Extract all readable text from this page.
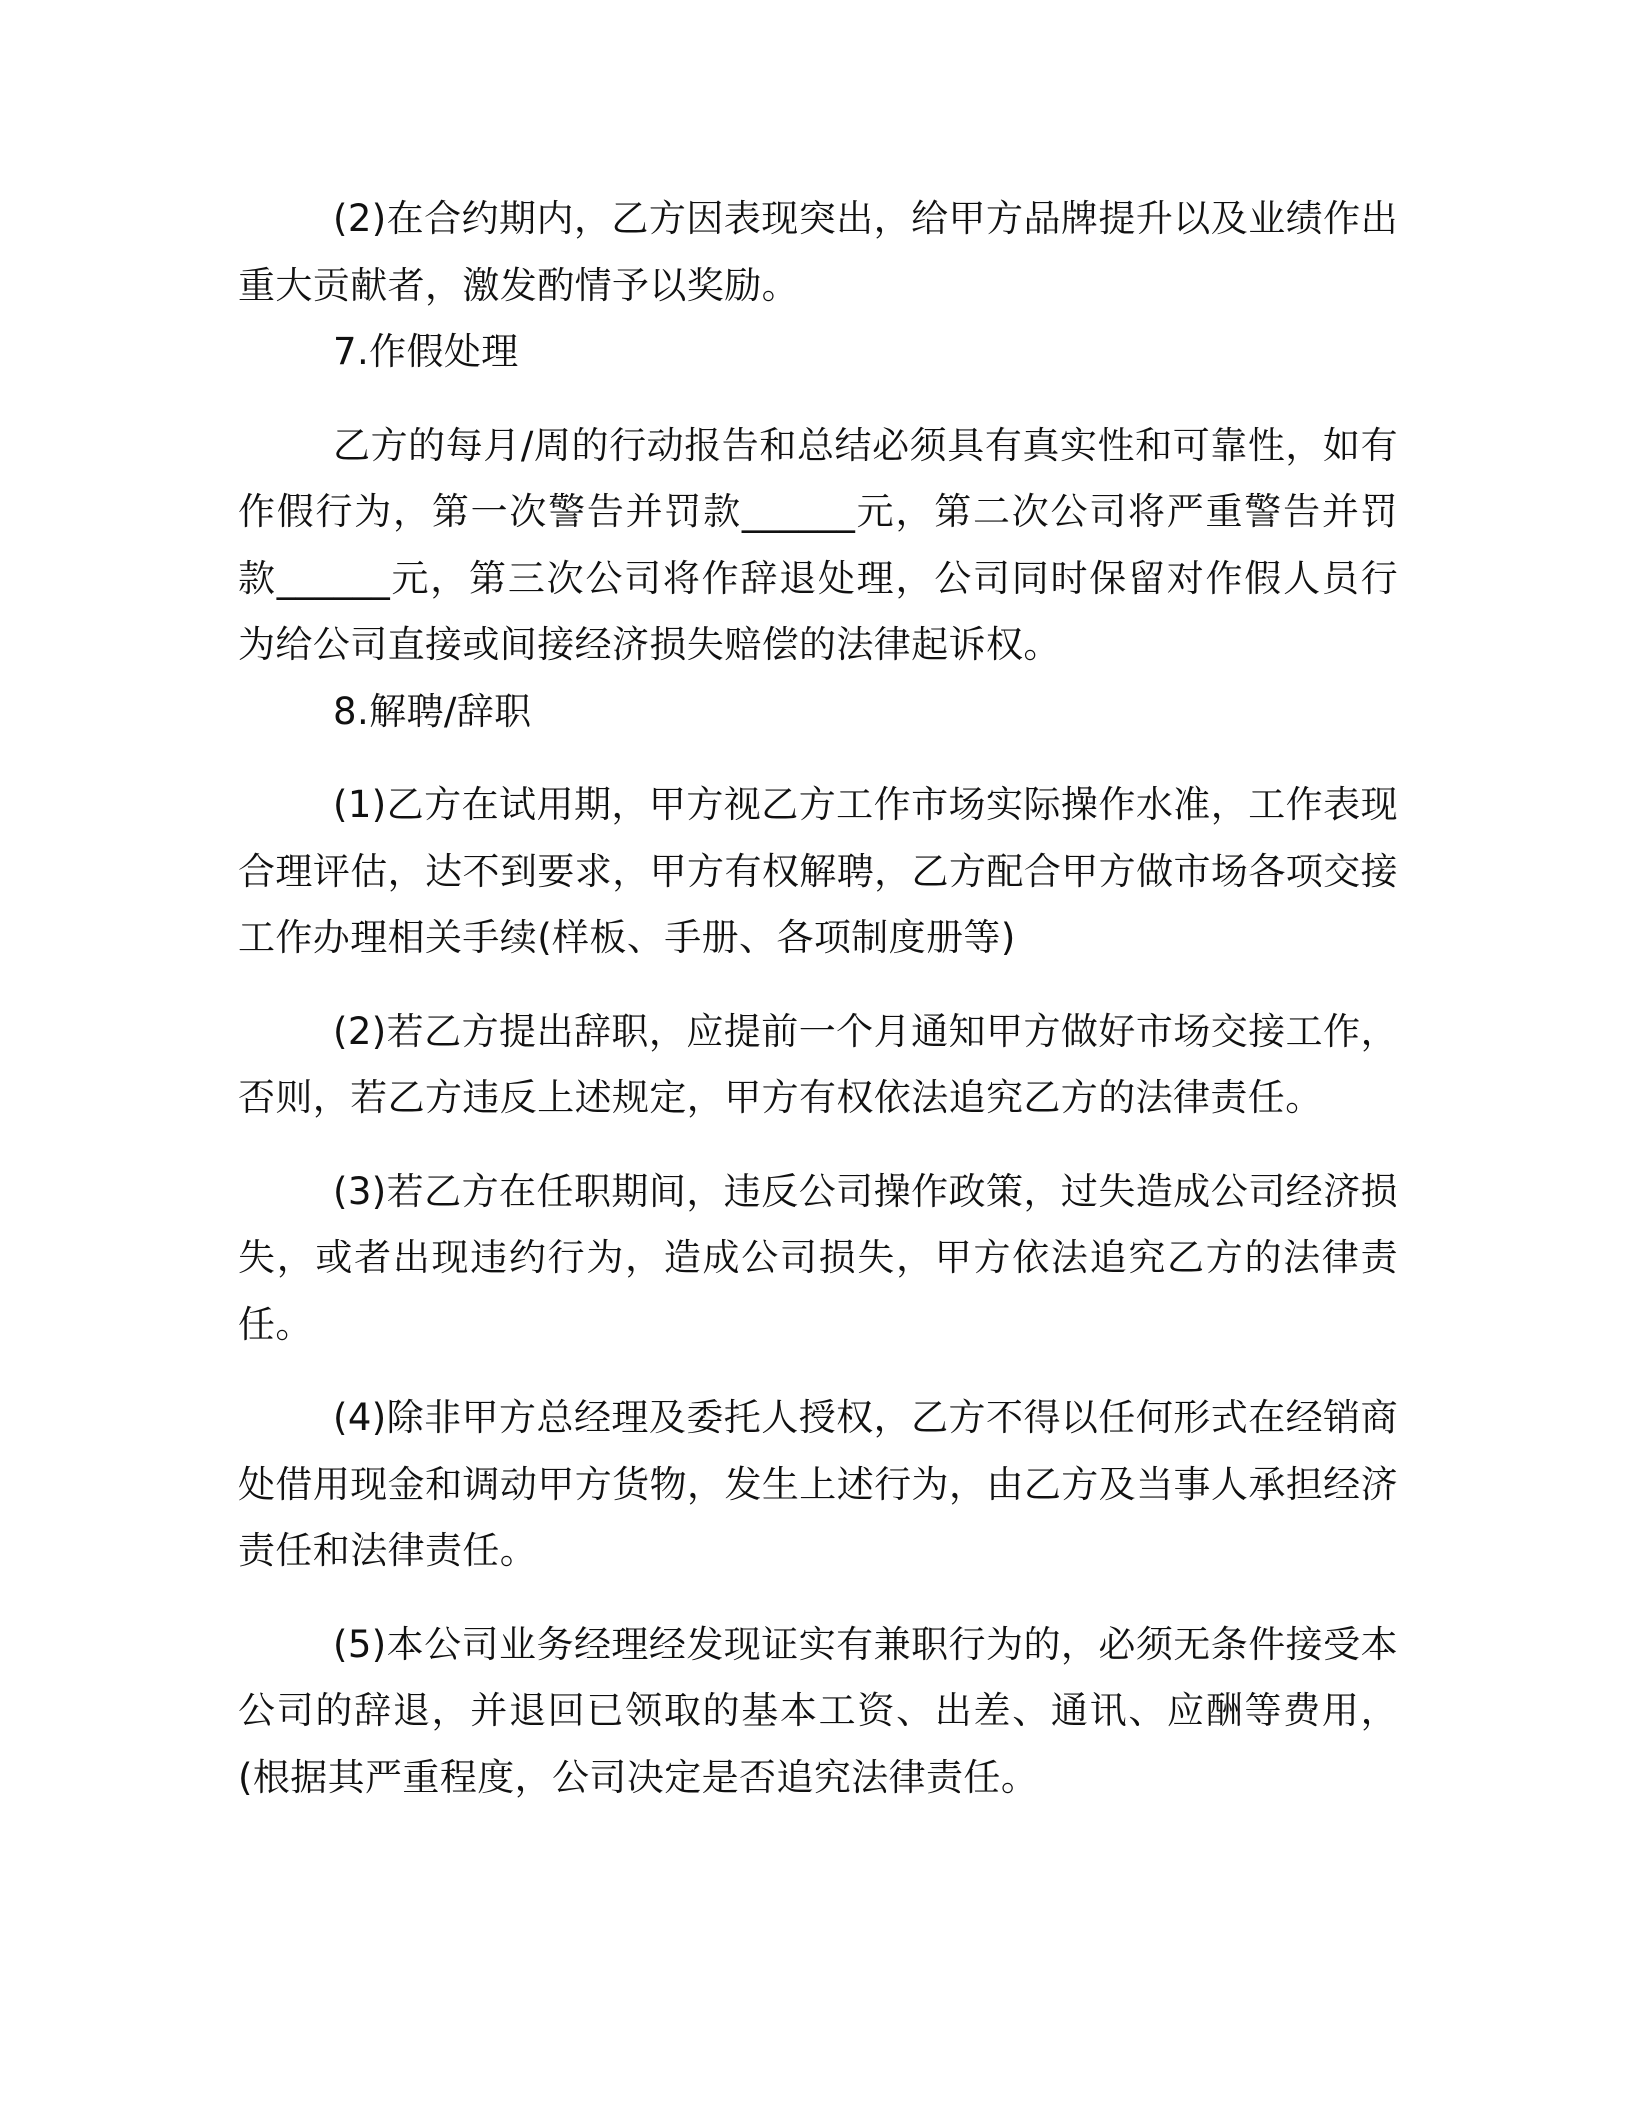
(2)在合约期内，乙方因表现突出，给甲方品牌提升以及业绩作出重大贡献者，激发酌情予以奖励。

7.作假处理

乙方的每月/周的行动报告和总结必须具有真实性和可靠性，如有作假行为，第一次警告并罚款______元，第二次公司将严重警告并罚款______元，第三次公司将作辞退处理，公司同时保留对作假人员行为给公司直接或间接经济损失赔偿的法律起诉权。

8.解聘/辞职

(1)乙方在试用期，甲方视乙方工作市场实际操作水准，工作表现合理评估，达不到要求，甲方有权解聘，乙方配合甲方做市场各项交接工作办理相关手续(样板、手册、各项制度册等)

(2)若乙方提出辞职，应提前一个月通知甲方做好市场交接工作，否则，若乙方违反上述规定，甲方有权依法追究乙方的法律责任。

(3)若乙方在任职期间，违反公司操作政策，过失造成公司经济损失，或者出现违约行为，造成公司损失，甲方依法追究乙方的法律责任。

(4)除非甲方总经理及委托人授权，乙方不得以任何形式在经销商处借用现金和调动甲方货物，发生上述行为，由乙方及当事人承担经济责任和法律责任。

(5)本公司业务经理经发现证实有兼职行为的，必须无条件接受本公司的辞退，并退回已领取的基本工资、出差、通讯、应酬等费用，(根据其严重程度，公司决定是否追究法律责任。
